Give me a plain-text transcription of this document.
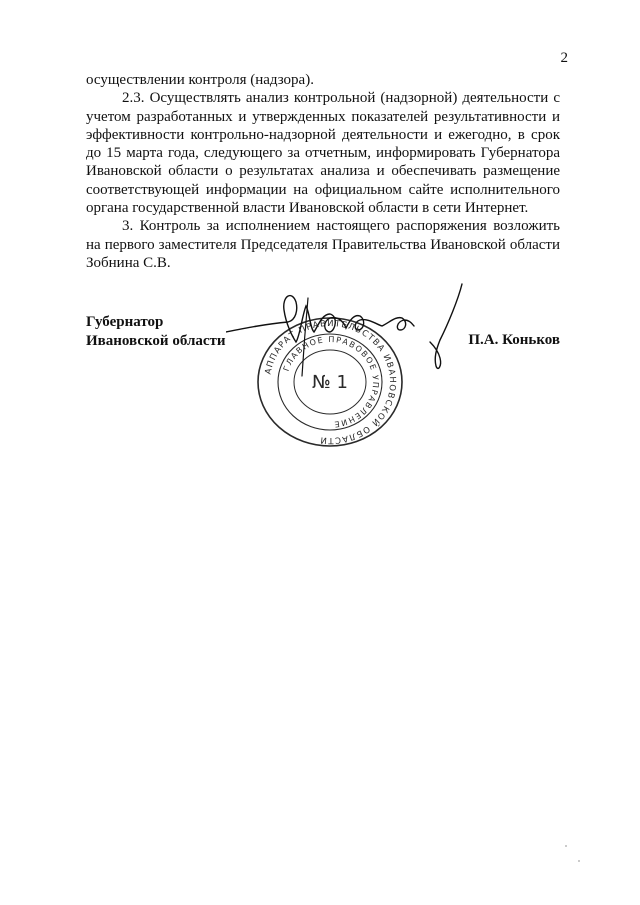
2

осуществлении контроля (надзора).

2.3. Осуществлять анализ контрольной (надзорной) деятельности с учетом разработанных и утвержденных показателей результативности и эффективности контрольно-надзорной деятельности и ежегодно, в срок до 15 марта года, следующего за отчетным, информировать Губернатора Ивановской области о результатах анализа и обеспечивать размещение соответствующей информации на официальном сайте исполнительного органа государственной власти Ивановской области в сети Интернет.

3. Контроль за исполнением настоящего распоряжения возложить на первого заместителя Председателя Правительства Ивановской области Зобнина С.В.

Губернатор
Ивановской области
АППАРАТ ПРАВИТЕЛЬСТВА ИВАНОВСКОЙ ОБЛАСТИ
ГЛАВНОЕ ПРАВОВОЕ УПРАВЛЕНИЕ
№ 1
П.А. Коньков
